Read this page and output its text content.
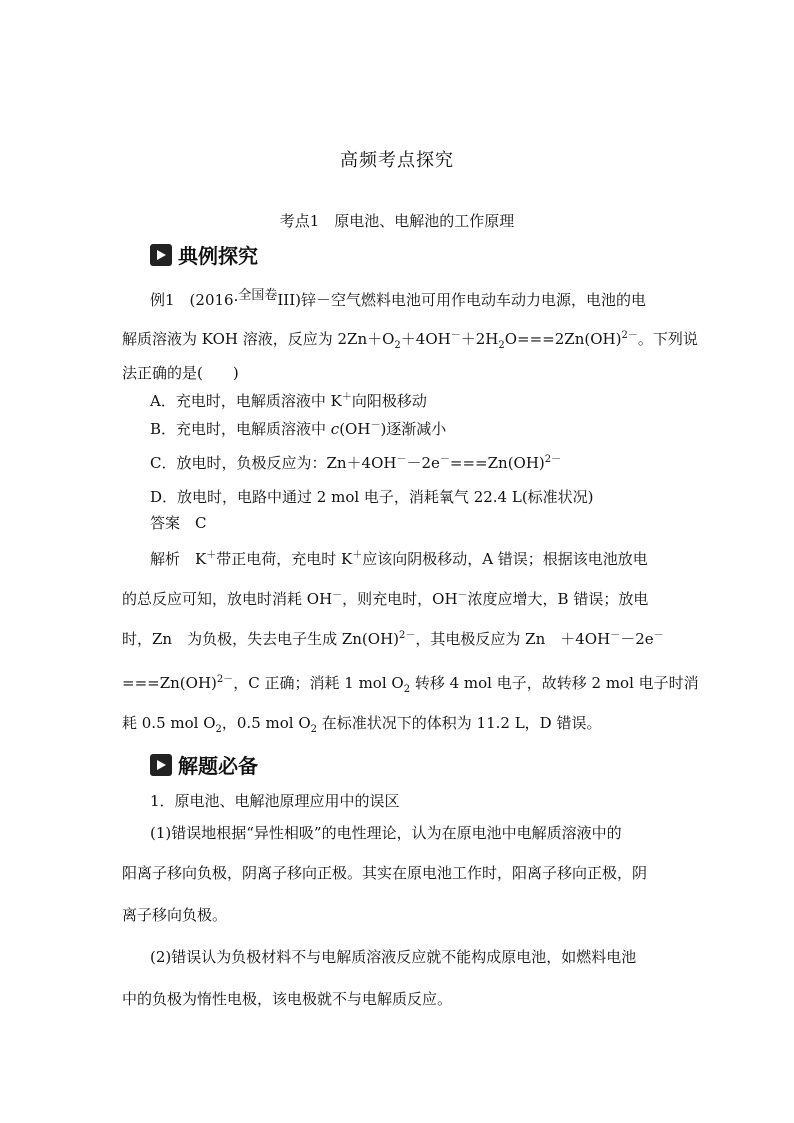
高频考点探究
考点1　原电池、电解池的工作原理
典例探究
例1　(2016·$^{全国卷}$III)锌－空气燃料电池可用作电动车动力电源，电池的电
解质溶液为 KOH 溶液，反应为 $2Zn+O_2+4OH^-+2H_2O===2Zn(OH)^{2-}$。下列说
法正确的是(　　)
A．充电时，电解质溶液中 K＋向阳极移动
B．充电时，电解质溶液中 c(OH－)逐渐减小
C．放电时，负极反应为：Zn＋4OH－－2e－===Zn(OH)$^{2-}$
D．放电时，电路中通过 2 mol 电子，消耗氧气 22.4 L(标准状况)
答案　C
解析　K＋带正电荷，充电时 K＋应该向阴极移动，A 错误；根据该电池放电
的总反应可知，放电时消耗 OH－，则充电时，OH－浓度应增大，B 错误；放电
时，Zn　为负极，失去电子生成 Zn(OH)$^{2-}$，其电极反应为 Zn　＋4OH－－2e－
===Zn(OH)$^{2-}$，C 正确；消耗 1 mol $O_2$ 转移 4 mol 电子，故转移 2 mol 电子时消
耗 0.5 mol $O_2$，0.5 mol $O_2$ 在标准状况下的体积为 11.2 L，D 错误。
解题必备
1．原电池、电解池原理应用中的误区
(1)错误地根据“异性相吸”的电性理论，认为在原电池中电解质溶液中的
阳离子移向负极，阴离子移向正极。其实在原电池工作时，阳离子移向正极，阴
离子移向负极。
(2)错误认为负极材料不与电解质溶液反应就不能构成原电池，如燃料电池
中的负极为惰性电极，该电极就不与电解质反应。
